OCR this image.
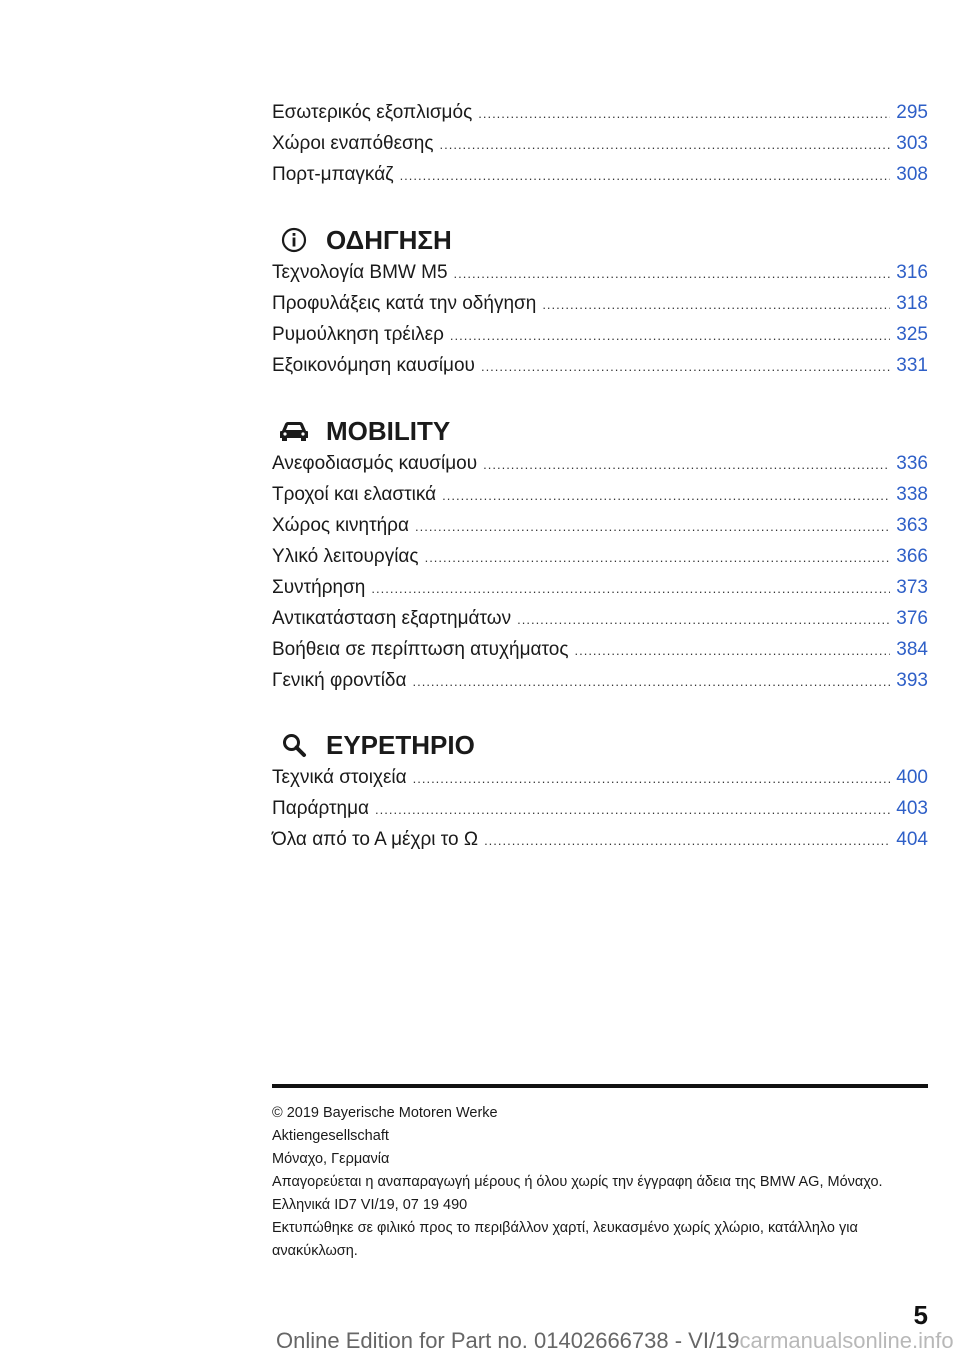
Εσωτερικός εξοπλισμός .....	295
Χώροι εναπόθεσης .....	303
Πορτ-μπαγκάζ .....	308
ΟΔΗΓΗΣΗ
Τεχνολογία BMW M5 .....	316
Προφυλάξεις κατά την οδήγηση .....	318
Ρυμούλκηση τρέιλερ .....	325
Εξοικονόμηση καυσίμου .....	331
MOBILITY
Ανεφοδιασμός καυσίμου .....	336
Τροχοί και ελαστικά .....	338
Χώρος κινητήρα .....	363
Υλικό λειτουργίας .....	366
Συντήρηση .....	373
Αντικατάσταση εξαρτημάτων .....	376
Βοήθεια σε περίπτωση ατυχήματος .....	384
Γενική φροντίδα .....	393
ΕΥΡΕΤΗΡΙΟ
Τεχνικά στοιχεία .....	400
Παράρτημα .....	403
Όλα από το Α μέχρι το Ω .....	404
© 2019 Bayerische Motoren Werke
Aktiengesellschaft
Μόναχο, Γερμανία
Απαγορεύεται η αναπαραγωγή μέρους ή όλου χωρίς την έγγραφη άδεια της BMW AG, Μόναχο.
Ελληνικά ID7 VI/19, 07 19 490
Εκτυπώθηκε σε φιλικό προς το περιβάλλον χαρτί, λευκασμένο χωρίς χλώριο, κατάλληλο για ανακύκλωση.
5
Online Edition for Part no. 01402666738 - VI/19carmanualsonline.info
